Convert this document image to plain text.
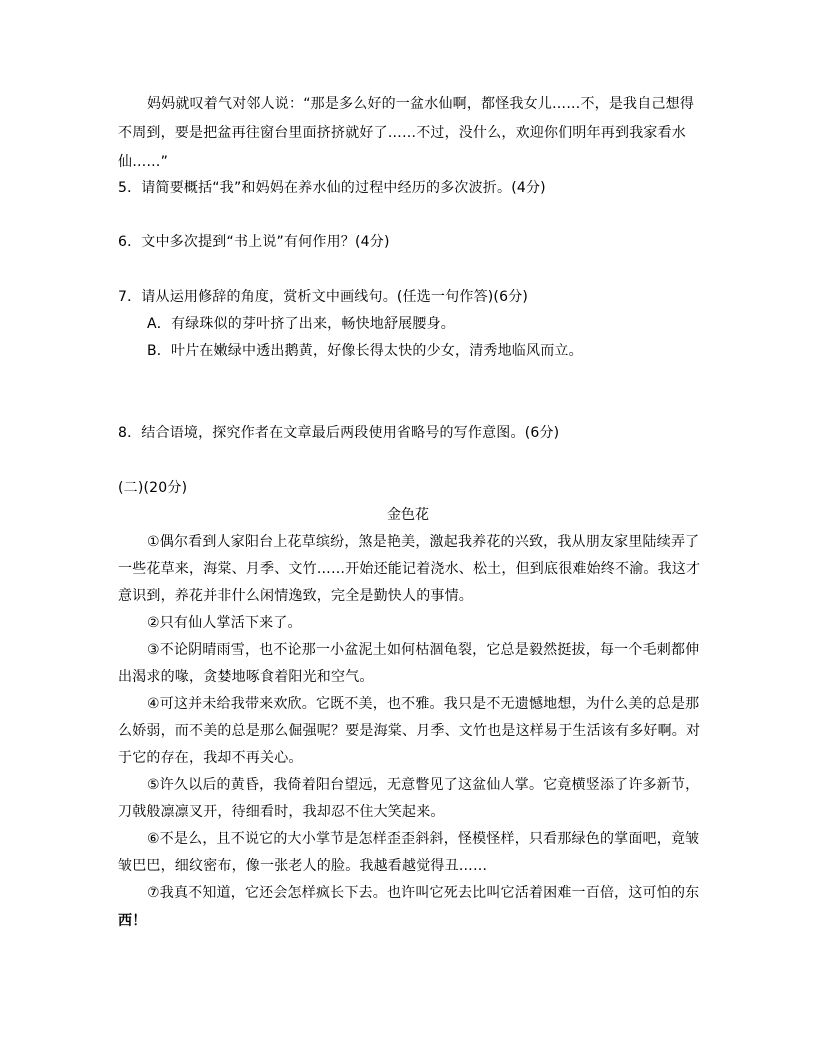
妈妈就叹着气对邻人说：“那是多么好的一盆水仙啊，都怪我女儿……不，是我自己想得
不周到，要是把盆再往窗台里面挤挤就好了……不过，没什么，欢迎你们明年再到我家看水
仙……”
5．请简要概括“我”和妈妈在养水仙的过程中经历的多次波折。(4分)
6．文中多次提到“书上说”有何作用？(4分)
7．请从运用修辞的角度，赏析文中画线句。(任选一句作答)(6分)
A．有绿珠似的芽叶挤了出来，畅快地舒展腰身。
B．叶片在嫩绿中透出鹅黄，好像长得太快的少女，清秀地临风而立。
8．结合语境，探究作者在文章最后两段使用省略号的写作意图。(6分)
(二)(20分)
金色花
①偶尔看到人家阳台上花草缤纷，煞是艳美，激起我养花的兴致，我从朋友家里陆续弄了
一些花草来，海棠、月季、文竹……开始还能记着浇水、松土，但到底很难始终不渝。我这才
意识到，养花并非什么闲情逸致，完全是勤快人的事情。
②只有仙人掌活下来了。
③不论阴晴雨雪，也不论那一小盆泥土如何枯涸龟裂，它总是毅然挺拔，每一个毛刺都伸
出渴求的喙，贪婪地啄食着阳光和空气。
④可这并未给我带来欢欣。它既不美，也不雅。我只是不无遗憾地想，为什么美的总是那
么娇弱，而不美的总是那么倔强呢？要是海棠、月季、文竹也是这样易于生活该有多好啊。对
于它的存在，我却不再关心。
⑤许久以后的黄昏，我倚着阳台望远，无意瞥见了这盆仙人掌。它竟横竖添了许多新节，
刀戟般凛凛叉开，待细看时，我却忍不住大笑起来。
⑥不是么，且不说它的大小掌节是怎样歪歪斜斜，怪模怪样，只看那绿色的掌面吧，竟皱
皱巴巴，细纹密布，像一张老人的脸。我越看越觉得丑……
⑦我真不知道，它还会怎样疯长下去。也许叫它死去比叫它活着困难一百倍，这可怕的东
西！
